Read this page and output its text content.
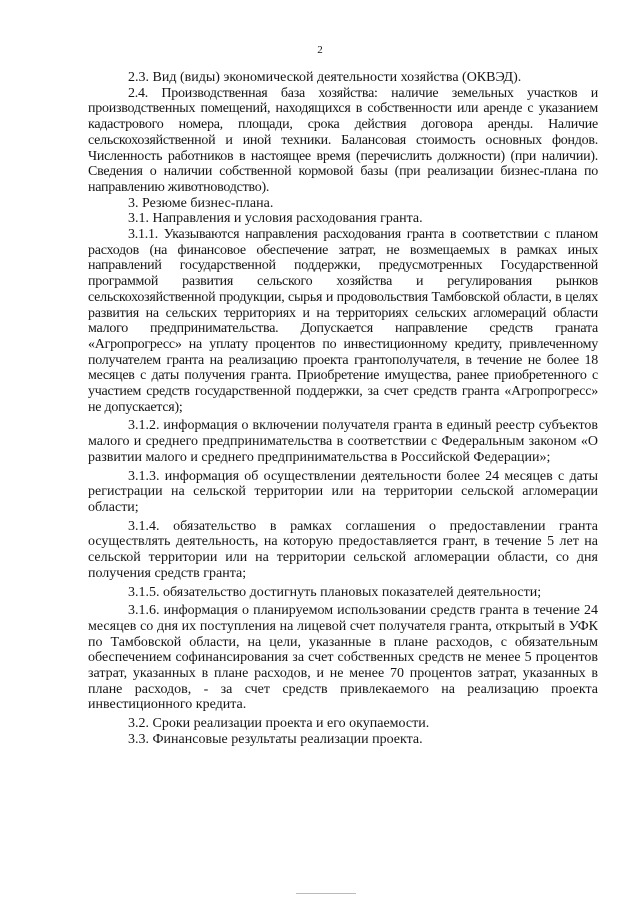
2

2.3. Вид (виды) экономической деятельности хозяйства (ОКВЭД).

2.4. Производственная база хозяйства: наличие земельных участков и производственных помещений, находящихся в собственности или аренде с указанием кадастрового номера, площади, срока действия договора аренды. Наличие сельскохозяйственной и иной техники. Балансовая стоимость основных фондов. Численность работников в настоящее время (перечислить должности) (при наличии). Сведения о наличии собственной кормовой базы (при реализации бизнес-плана по направлению животноводство).

3. Резюме бизнес-плана.

3.1. Направления и условия расходования гранта.

3.1.1. Указываются направления расходования гранта в соответствии с планом расходов (на финансовое обеспечение затрат, не возмещаемых в рамках иных направлений государственной поддержки, предусмотренных Государственной программой развития сельского хозяйства и регулирования рынков сельскохозяйственной продукции, сырья и продовольствия Тамбовской области, в целях развития на сельских территориях и на территориях сельских агломераций области малого предпринимательства. Допускается направление средств граната «Агропрогресс» на уплату процентов по инвестиционному кредиту, привлеченному получателем гранта на реализацию проекта грантополучателя, в течение не более 18 месяцев с даты получения гранта. Приобретение имущества, ранее приобретенного с участием средств государственной поддержки, за счет средств гранта «Агропрогресс» не допускается);

3.1.2. информация о включении получателя гранта в единый реестр субъектов малого и среднего предпринимательства в соответствии с Федеральным законом «О развитии малого и среднего предпринимательства в Российской Федерации»;

3.1.3. информация об осуществлении деятельности более 24 месяцев с даты регистрации на сельской территории или на территории сельской агломерации области;

3.1.4. обязательство в рамках соглашения о предоставлении гранта осуществлять деятельность, на которую предоставляется грант, в течение 5 лет на сельской территории или на территории сельской агломерации области, со дня получения средств гранта;

3.1.5. обязательство достигнуть плановых показателей деятельности;

3.1.6. информация о планируемом использовании средств гранта в течение 24 месяцев со дня их поступления на лицевой счет получателя гранта, открытый в УФК по Тамбовской области, на цели, указанные в плане расходов, с обязательным обеспечением софинансирования за счет собственных средств не менее 5 процентов затрат, указанных в плане расходов, и не менее 70 процентов затрат, указанных в плане расходов, - за счет средств привлекаемого на реализацию проекта инвестиционного кредита.

3.2. Сроки реализации проекта и его окупаемости.

3.3. Финансовые результаты реализации проекта.
